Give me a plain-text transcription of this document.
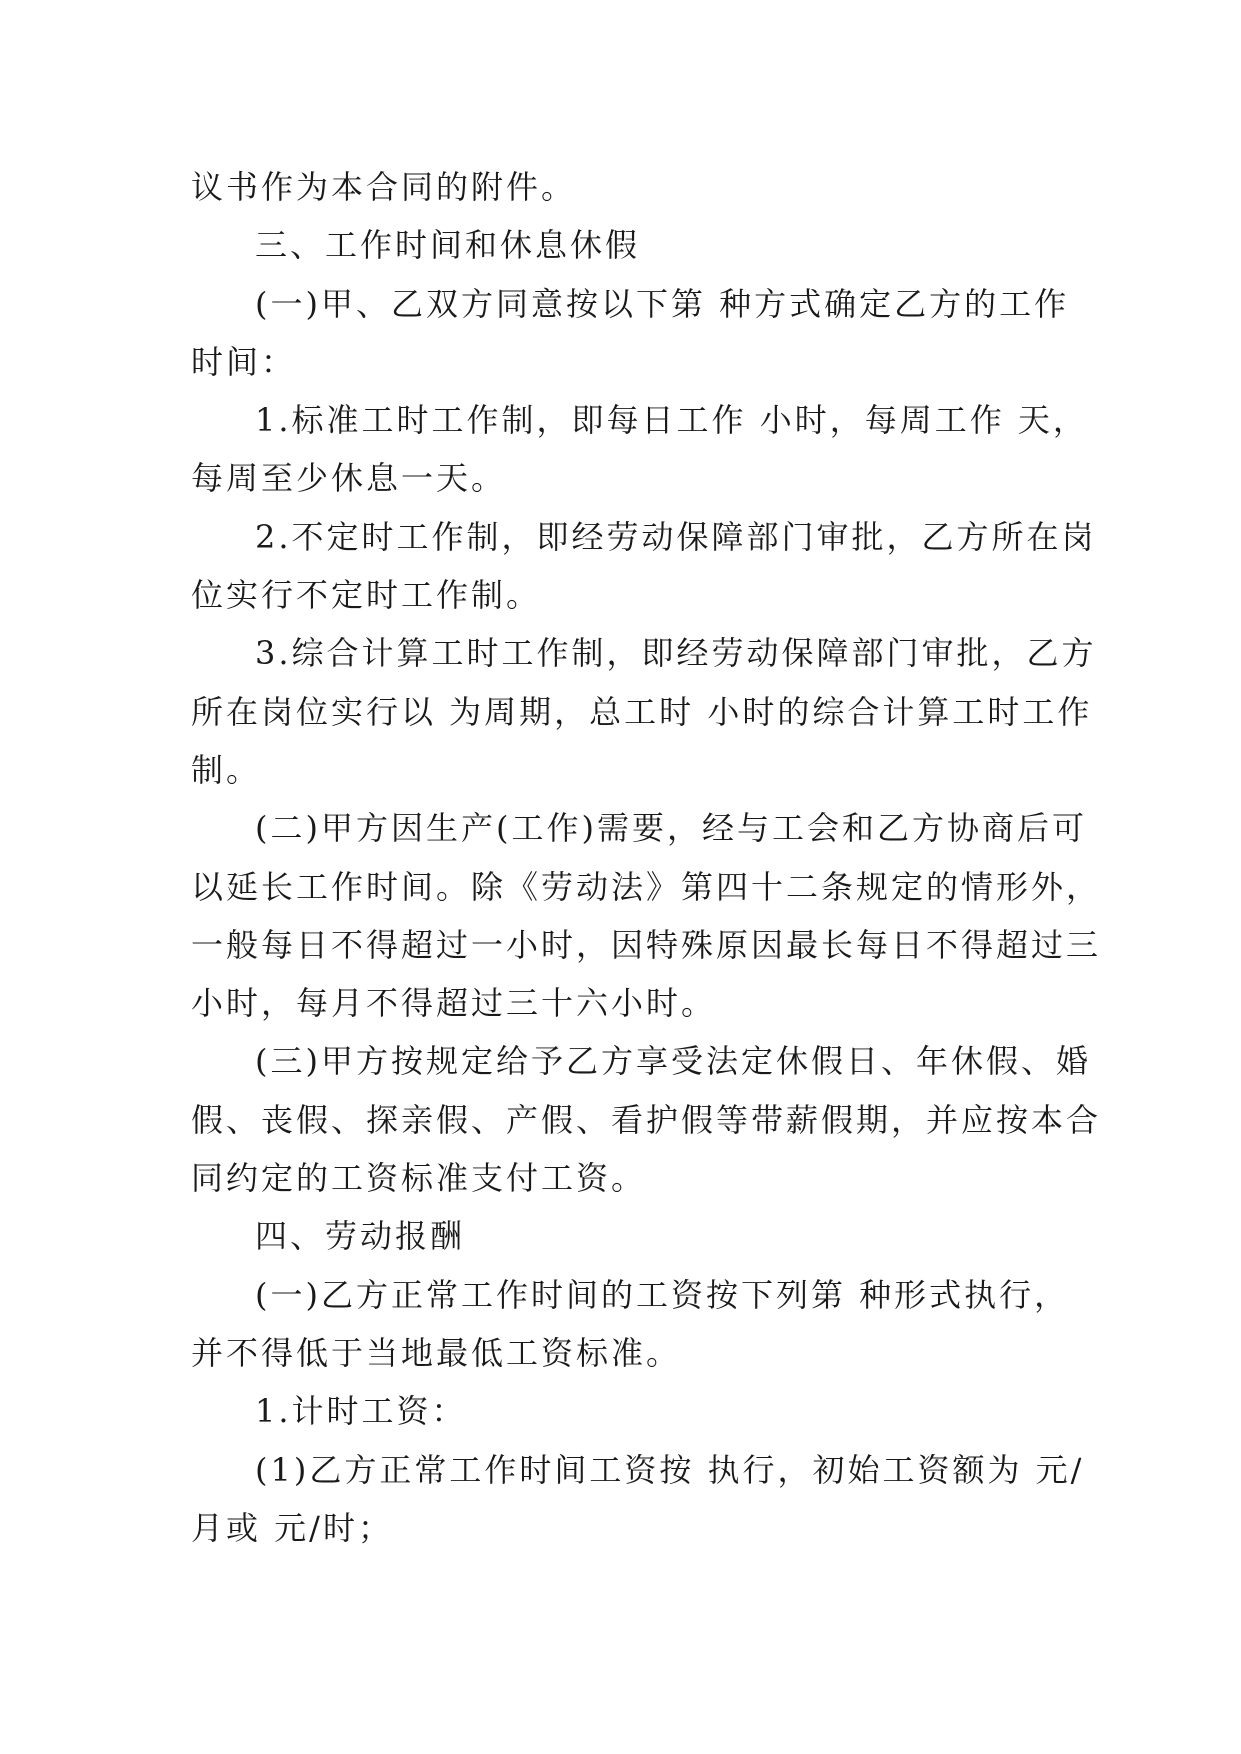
议书作为本合同的附件。
三、工作时间和休息休假
(一)甲、乙双方同意按以下第 种方式确定乙方的工作
时间：
1.标准工时工作制，即每日工作 小时，每周工作 天，
每周至少休息一天。
2.不定时工作制，即经劳动保障部门审批，乙方所在岗
位实行不定时工作制。
3.综合计算工时工作制，即经劳动保障部门审批，乙方
所在岗位实行以 为周期，总工时 小时的综合计算工时工作
制。
(二)甲方因生产(工作)需要，经与工会和乙方协商后可
以延长工作时间。除《劳动法》第四十二条规定的情形外，
一般每日不得超过一小时，因特殊原因最长每日不得超过三
小时，每月不得超过三十六小时。
(三)甲方按规定给予乙方享受法定休假日、年休假、婚
假、丧假、探亲假、产假、看护假等带薪假期，并应按本合
同约定的工资标准支付工资。
四、劳动报酬
(一)乙方正常工作时间的工资按下列第 种形式执行，
并不得低于当地最低工资标准。
1.计时工资：
(1)乙方正常工作时间工资按 执行，初始工资额为 元/
月或 元/时；
